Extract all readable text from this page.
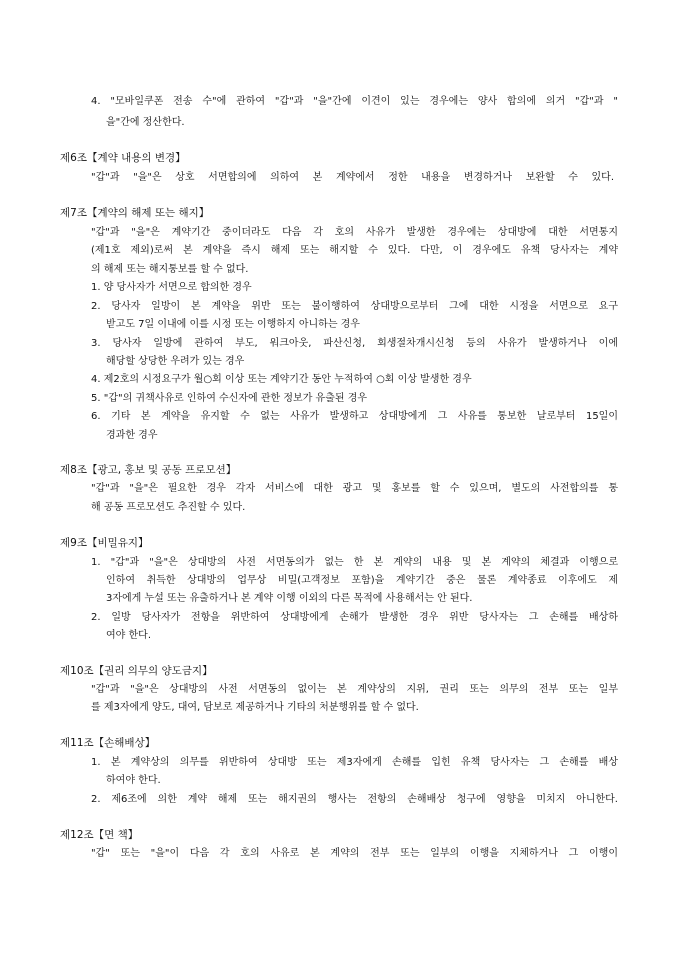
4. "모바일쿠폰 전송 수"에 관하여 "갑"과 "을"간에 이견이 있는 경우에는 양사 합의에 의거 "갑"과 "
을"간에 정산한다.
제6조【계약 내용의 변경】
"갑"과 "을"은 상호 서면합의에 의하여 본 계약에서 정한 내용을 변경하거나 보완할 수 있다.
제7조【계약의 해제 또는 해지】
"갑"과 "을"은 계약기간 중이더라도 다음 각 호의 사유가 발생한 경우에는 상대방에 대한 서면통지
(제1호 제외)로써 본 계약을 즉시 해제 또는 해지할 수 있다. 다만, 이 경우에도 유책 당사자는 계약
의 해제 또는 해지통보를 할 수 없다.
1. 양 당사자가 서면으로 합의한 경우
2. 당사자 일방이 본 계약을 위반 또는 불이행하여 상대방으로부터 그에 대한 시정을 서면으로 요구
받고도 7일 이내에 이를 시정 또는 이행하지 아니하는 경우
3. 당사자 일방에 관하여 부도, 워크아웃, 파산신청, 회생절차개시신청 등의 사유가 발생하거나 이에
해당할 상당한 우려가 있는 경우
4. 제2호의 시정요구가 월○회 이상 또는 계약기간 동안 누적하여 ○회 이상 발생한 경우
5. "갑"의 귀책사유로 인하여 수신자에 관한 정보가 유출된 경우
6. 기타 본 계약을 유지할 수 없는 사유가 발생하고 상대방에게 그 사유를 통보한 날로부터 15일이
경과한 경우
제8조【광고, 홍보 및 공동 프로모션】
"갑"과 "을"은 필요한 경우 각자 서비스에 대한 광고 및 홍보를 할 수 있으며, 별도의 사전합의를 통
해 공동 프로모션도 추진할 수 있다.
제9조【비밀유지】
1. "갑"과 "을"은 상대방의 사전 서면동의가 없는 한 본 계약의 내용 및 본 계약의 체결과 이행으로
인하여 취득한 상대방의 업무상 비밀(고객정보 포함)을 계약기간 중은 물론 계약종료 이후에도 제
3자에게 누설 또는 유출하거나 본 계약 이행 이외의 다른 목적에 사용해서는 안 된다.
2. 일방 당사자가 전항을 위반하여 상대방에게 손해가 발생한 경우 위반 당사자는 그 손해를 배상하
여야 한다.
제10조【권리 의무의 양도금지】
"갑"과 "을"은 상대방의 사전 서면동의 없이는 본 계약상의 지위, 권리 또는 의무의 전부 또는 일부
를 제3자에게 양도, 대여, 담보로 제공하거나 기타의 처분행위를 할 수 없다.
제11조【손해배상】
1. 본 계약상의 의무를 위반하여 상대방 또는 제3자에게 손해를 입힌 유책 당사자는 그 손해를 배상
하여야 한다.
2. 제6조에 의한 계약 해제 또는 해지권의 행사는 전항의 손해배상 청구에 영향을 미치지 아니한다.
제12조【면 책】
"갑" 또는 "을"이 다음 각 호의 사유로 본 계약의 전부 또는 일부의 이행을 지체하거나 그 이행이
